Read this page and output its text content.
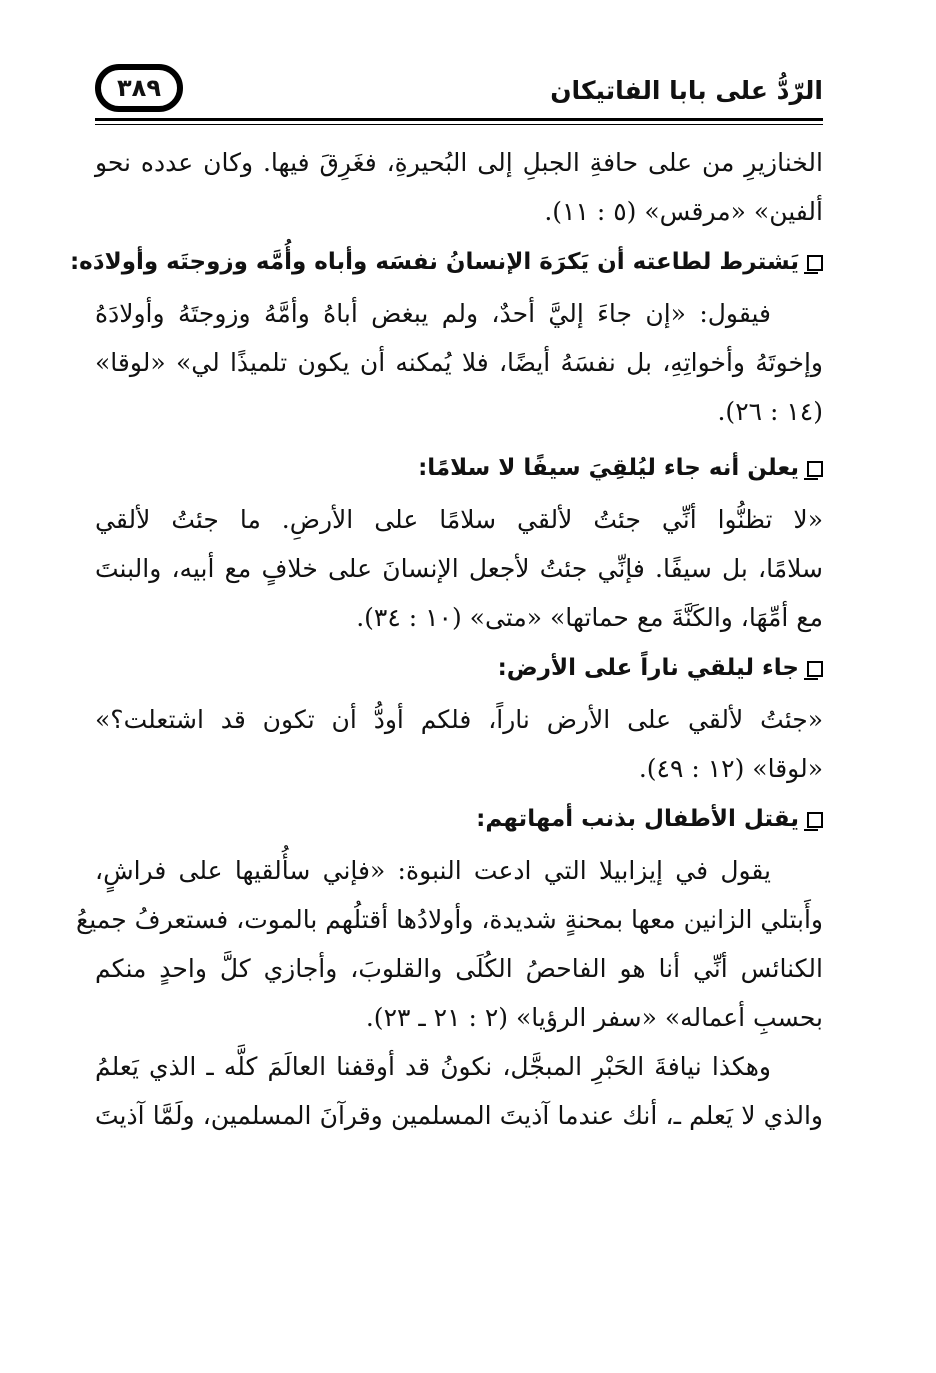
الرّدُّ على بابا الفاتيكان
٣٨٩
الخنازيرِ من على حافةِ الجبلِ إلى البُحيرةِ، فغَرِقَ فيها. وكان عدده نحو
ألفين» «مرقس» (٥ : ١١).
يَشترط لطاعته أن يَكرَهَ الإنسانُ نفسَه وأباه وأُمَّه وزوجتَه وأولادَه:
فيقول: «إن جاءَ إليَّ أحدٌ، ولم يبغض أباهُ وأمَّهُ وزوجتَهُ وأولادَهُ
وإخوتَهُ وأخواتِهِ، بل نفسَهُ أيضًا، فلا يُمكنه أن يكون تلميذًا لي» «لوقا»
(١٤ : ٢٦).
يعلن أنه جاء ليُلقِيَ سيفًا لا سلامًا:
«لا تظنُّوا أنِّي جئتُ لألقي سلامًا على الأرضِ. ما جئتُ لألقي
سلامًا، بل سيفًا. فإنِّي جئتُ لأجعل الإنسانَ على خلافٍ مع أبيه، والبنتَ
مع أمِّهَا، والكَنَّةَ مع حماتها» «متى» (١٠ : ٣٤).
جاء ليلقي ناراً على الأرض:
«جئتُ لألقي على الأرض ناراً، فلكم أودُّ أن تكون قد اشتعلت؟»
«لوقا» (١٢ : ٤٩).
يقتل الأطفال بذنب أمهاتهم:
يقول في إيزابيلا التي ادعت النبوة: «فإني سأُلقيها على فراشٍ،
وأَبتلي الزانين معها بمحنةٍ شديدة، وأولادُها أقتلُهم بالموت، فستعرفُ جميعُ
الكنائس أنِّي أنا هو الفاحصُ الكُلَى والقلوبَ، وأجازي كلَّ واحدٍ منكم
بحسبِ أعماله» «سفر الرؤيا» (٢ : ٢١ ـ ٢٣).
وهكذا نيافةَ الحَبْرِ المبجَّل، نكونُ قد أوقفنا العالَمَ كلَّه ـ الذي يَعلمُ
والذي لا يَعلم ـ، أنك عندما آذيتَ المسلمين وقرآنَ المسلمين، ولَمَّا آذيتَ
